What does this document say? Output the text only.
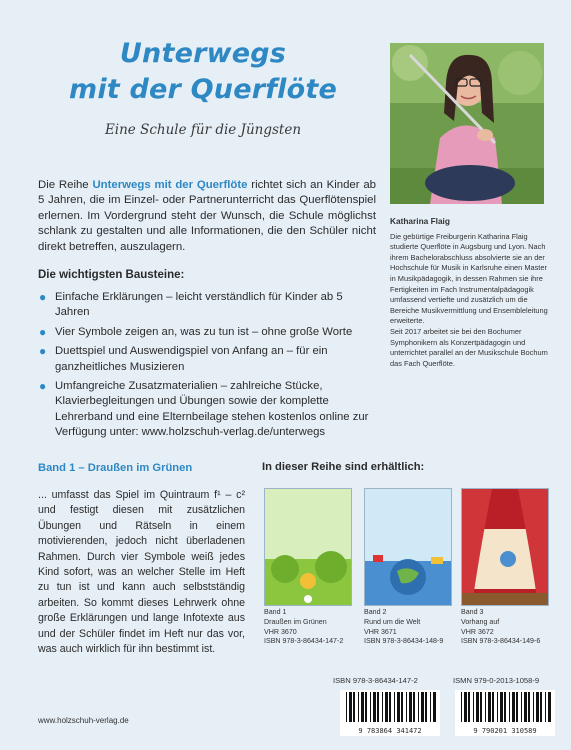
Unterwegs
mit der Querflöte
Eine Schule für die Jüngsten
Katharina Flaig
Die gebürtige Freiburgerin Katharina Flaig studierte Querflöte in Augsburg und Lyon. Nach ihrem Bachelorabschluss absolvierte sie an der Hochschule für Musik in Karlsruhe einen Master in Musikpädagogik, in dessen Rahmen sie ihre Fertigkeiten im Fach Instrumentalpädagogik umfassend vertiefte und zusätzlich um die Bereiche Musikvermittlung und Ensembleleitung erweiterte.
Seit 2017 arbeitet sie bei den Bochumer Symphonikern als Konzertpädagogin und unterrichtet parallel an der Musikschule Bochum das Fach Querflöte.
Die Reihe Unterwegs mit der Querflöte richtet sich an Kinder ab 5 Jahren, die im Einzel- oder Partnerunterricht das Querflötenspiel erlernen. Im Vordergrund steht der Wunsch, die Schule möglichst schlank zu gestalten und alle Informationen, die den Schüler nicht direkt betreffen, auszulagern.
Die wichtigsten Bausteine:
● Einfache Erklärungen – leicht verständlich für Kinder ab 5 Jahren
● Vier Symbole zeigen an, was zu tun ist – ohne große Worte
● Duettspiel und Auswendigspiel von Anfang an – für ein ganzheitliches Musizieren
● Umfangreiche Zusatzmaterialien – zahlreiche Stücke, Klavierbegleitungen und Übungen sowie der komplette Lehrerband und eine Elternbeilage stehen kostenlos online zur Verfügung unter: www.holzschuh-verlag.de/unterwegs
Band 1 – Draußen im Grünen
... umfasst das Spiel im Quintraum f¹ – c² und festigt diesen mit zusätzlichen Übungen und Rätseln in einem motivierenden, jedoch nicht überladenen Rahmen. Durch vier Symbole weiß jedes Kind sofort, was an welcher Stelle im Heft zu tun ist und kann auch selbstständig arbeiten. So kommt dieses Lehrwerk ohne große Erklärungen und lange Infotexte aus und der Schüler findet im Heft nur das vor, was auch wirklich für ihn bestimmt ist.
In dieser Reihe sind erhältlich:
Band 1
Draußen im Grünen
VHR 3670
ISBN 978-3-86434-147-2
Band 2
Rund um die Welt
VHR 3671
ISBN 978-3-86434-148-9
Band 3
Vorhang auf
VHR 3672
ISBN 978-3-86434-149-6
ISBN 978-3-86434-147-2	ISMN 979-0-2013-1058-9
9 783864 341472	9 790201 310589
www.holzschuh-verlag.de
